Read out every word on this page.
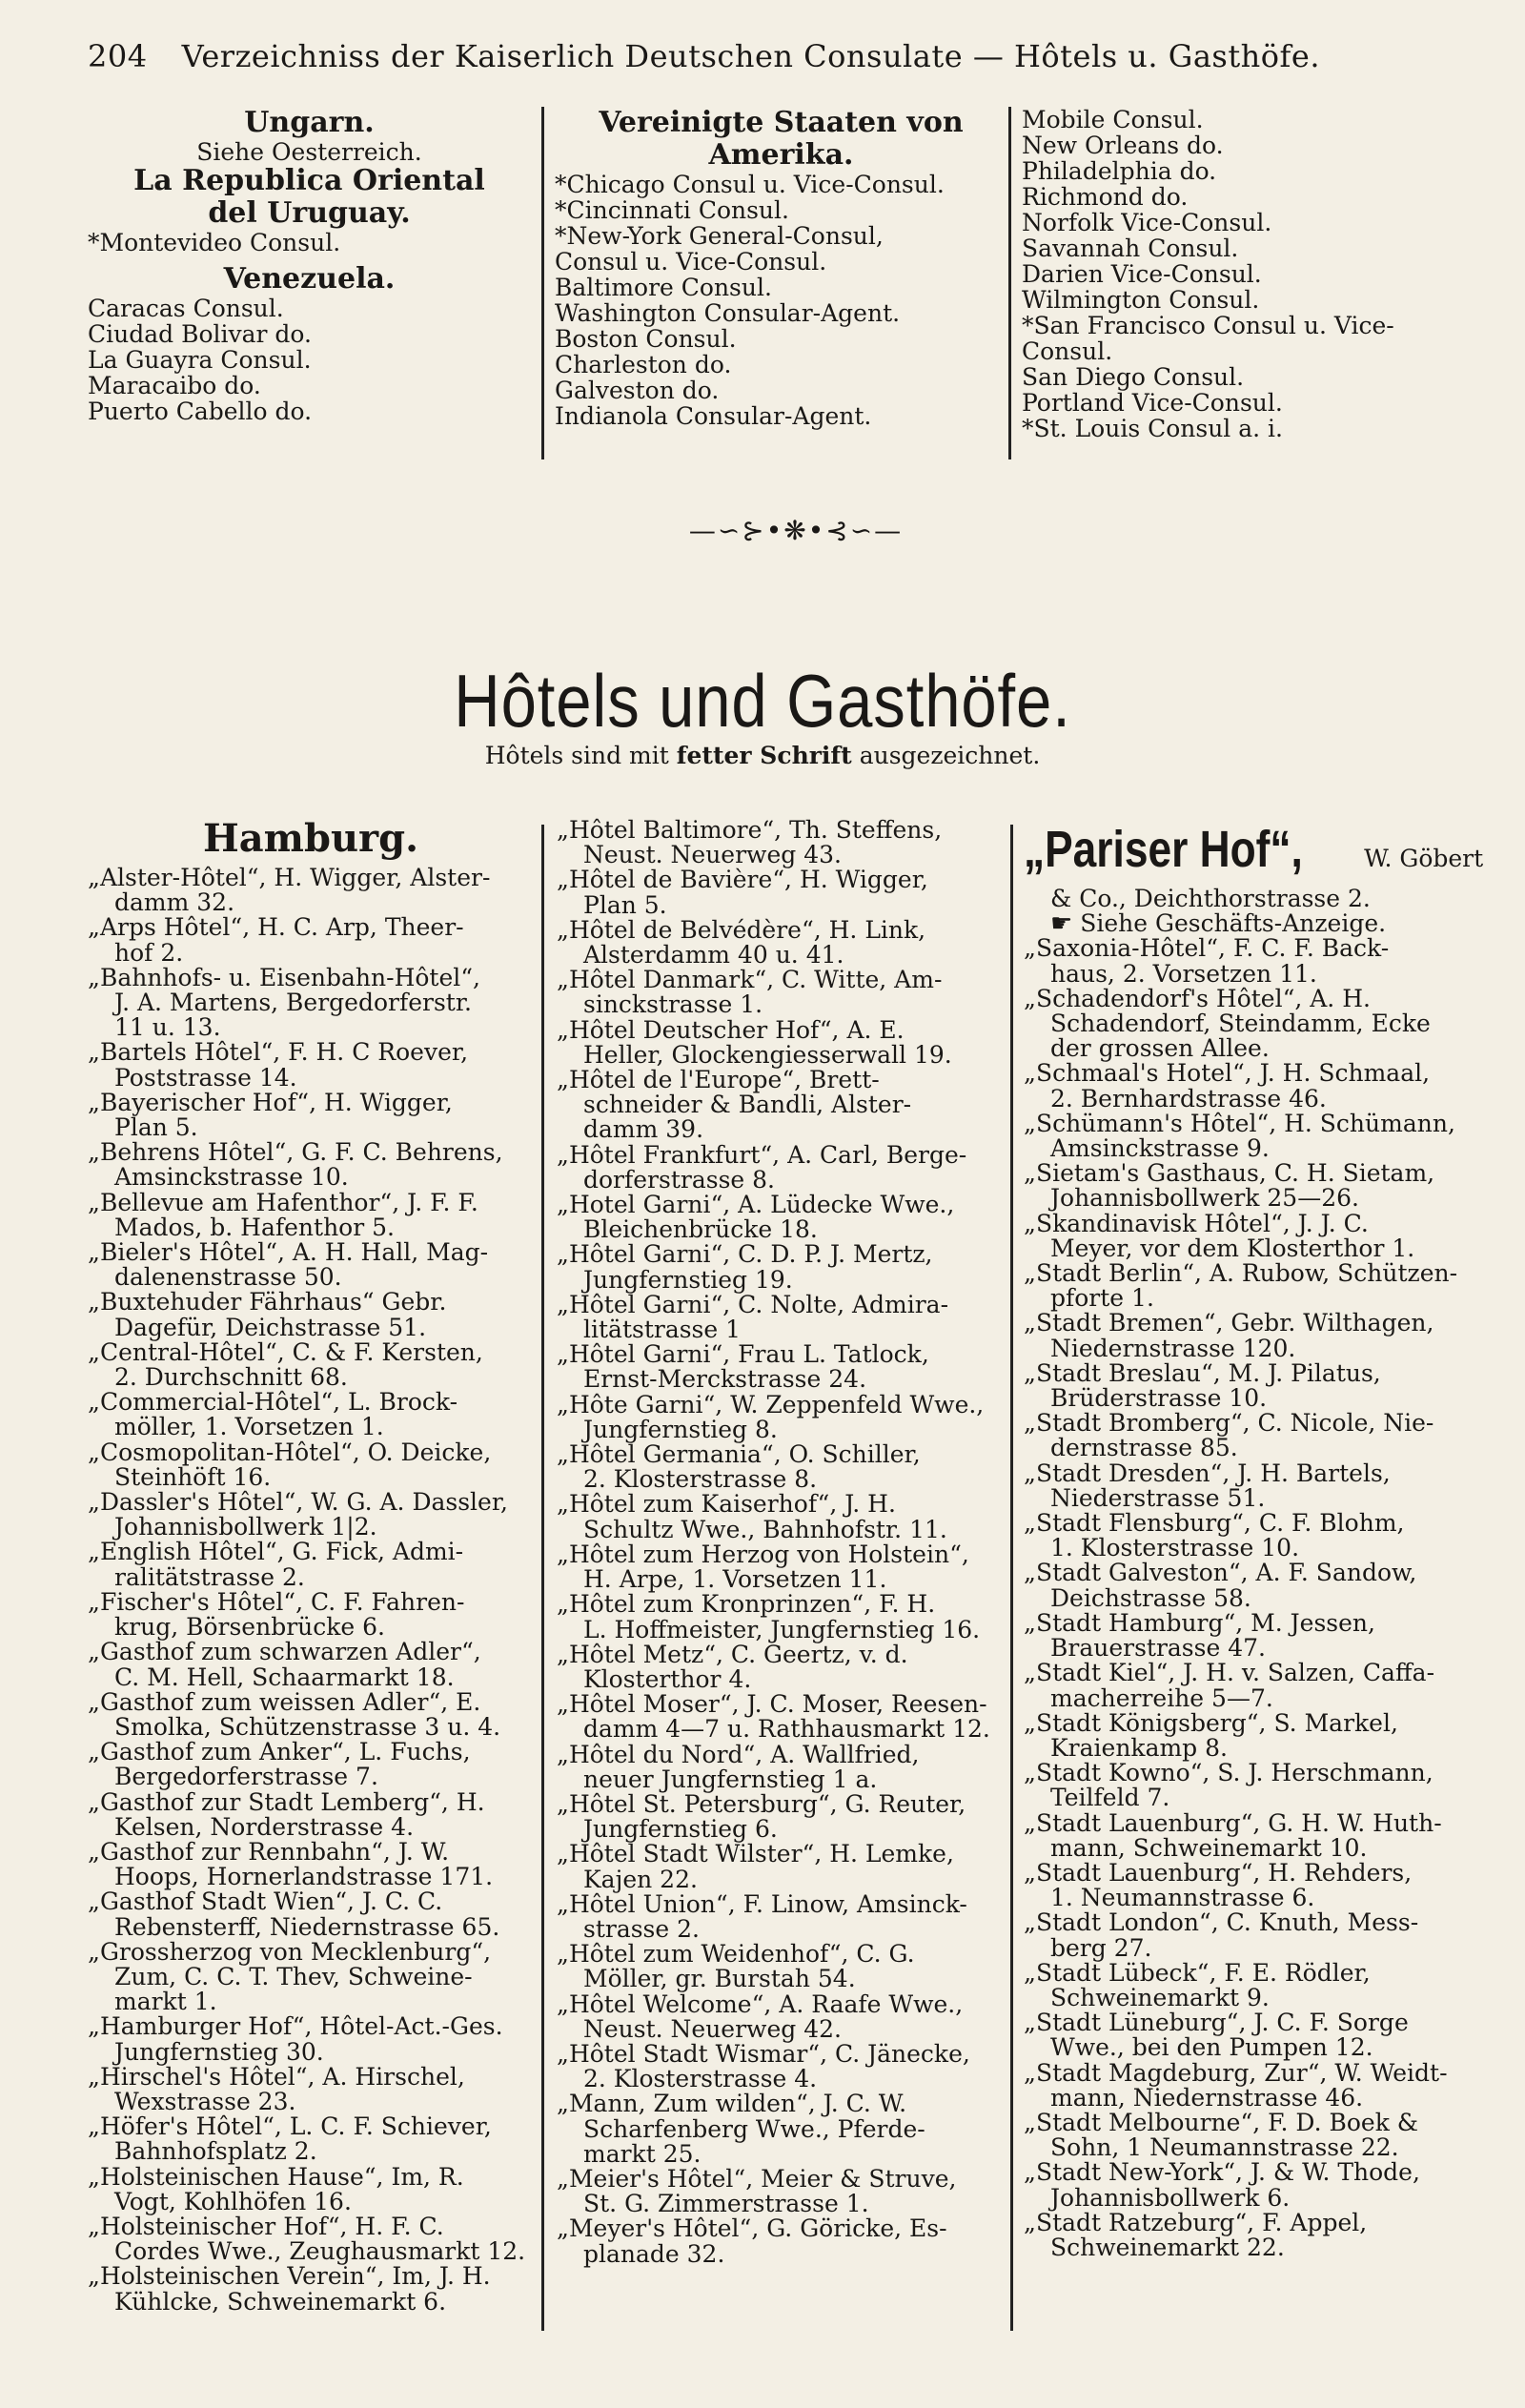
204 Verzeichniss der Kaiserlich Deutschen Consulate — Hôtels u. Gasthöfe.
Ungarn.
Siehe Oesterreich.
La Republica Oriental
del Uruguay.
*Montevideo Consul.
Venezuela.
Caracas Consul.
Ciudad Bolivar do.
La Guayra Consul.
Maracaibo do.
Puerto Cabello do.
Vereinigte Staaten von
Amerika.
*Chicago Consul u. Vice-Consul.
*Cincinnati Consul.
*New-York General-Consul,
Consul u. Vice-Consul.
Baltimore Consul.
Washington Consular-Agent.
Boston Consul.
Charleston do.
Galveston do.
Indianola Consular-Agent.
Mobile Consul.
New Orleans do.
Philadelphia do.
Richmond do.
Norfolk Vice-Consul.
Savannah Consul.
Darien Vice-Consul.
Wilmington Consul.
*San Francisco Consul u. Vice-
Consul.
San Diego Consul.
Portland Vice-Consul.
*St. Louis Consul a. i.
—∽⊱•❋•⊰∽—
Hôtels und Gasthöfe.
Hôtels sind mit fetter Schrift ausgezeichnet.
Hamburg.
„Alster-Hôtel“, H. Wigger, Alster-
damm 32.
„Arps Hôtel“, H. C. Arp, Theer-
hof 2.
„Bahnhofs- u. Eisenbahn-Hôtel“,
J. A. Martens, Bergedorferstr.
11 u. 13.
„Bartels Hôtel“, F. H. C Roever,
Poststrasse 14.
„Bayerischer Hof“, H. Wigger,
Plan 5.
„Behrens Hôtel“, G. F. C. Behrens,
Amsinckstrasse 10.
„Bellevue am Hafenthor“, J. F. F.
Mados, b. Hafenthor 5.
„Bieler's Hôtel“, A. H. Hall, Mag-
dalenenstrasse 50.
„Buxtehuder Fährhaus“ Gebr.
Dagefür, Deichstrasse 51.
„Central-Hôtel“, C. & F. Kersten,
2. Durchschnitt 68.
„Commercial-Hôtel“, L. Brock-
möller, 1. Vorsetzen 1.
„Cosmopolitan-Hôtel“, O. Deicke,
Steinhöft 16.
„Dassler's Hôtel“, W. G. A. Dassler,
Johannisbollwerk 1|2.
„English Hôtel“, G. Fick, Admi-
ralitätstrasse 2.
„Fischer's Hôtel“, C. F. Fahren-
krug, Börsenbrücke 6.
„Gasthof zum schwarzen Adler“,
C. M. Hell, Schaarmarkt 18.
„Gasthof zum weissen Adler“, E.
Smolka, Schützenstrasse 3 u. 4.
„Gasthof zum Anker“, L. Fuchs,
Bergedorferstrasse 7.
„Gasthof zur Stadt Lemberg“, H.
Kelsen, Norderstrasse 4.
„Gasthof zur Rennbahn“, J. W.
Hoops, Hornerlandstrasse 171.
„Gasthof Stadt Wien“, J. C. C.
Rebensterff, Niedernstrasse 65.
„Grossherzog von Mecklenburg“,
Zum, C. C. T. Thev, Schweine-
markt 1.
„Hamburger Hof“, Hôtel-Act.-Ges.
Jungfernstieg 30.
„Hirschel's Hôtel“, A. Hirschel,
Wexstrasse 23.
„Höfer's Hôtel“, L. C. F. Schiever,
Bahnhofsplatz 2.
„Holsteinischen Hause“, Im, R.
Vogt, Kohlhöfen 16.
„Holsteinischer Hof“, H. F. C.
Cordes Wwe., Zeughausmarkt 12.
„Holsteinischen Verein“, Im, J. H.
Kühlcke, Schweinemarkt 6.
„Hôtel Baltimore“, Th. Steffens,
Neust. Neuerweg 43.
„Hôtel de Bavière“, H. Wigger,
Plan 5.
„Hôtel de Belvédère“, H. Link,
Alsterdamm 40 u. 41.
„Hôtel Danmark“, C. Witte, Am-
sinckstrasse 1.
„Hôtel Deutscher Hof“, A. E.
Heller, Glockengiesserwall 19.
„Hôtel de l'Europe“, Brett-
schneider & Bandli, Alster-
damm 39.
„Hôtel Frankfurt“, A. Carl, Berge-
dorferstrasse 8.
„Hotel Garni“, A. Lüdecke Wwe.,
Bleichenbrücke 18.
„Hôtel Garni“, C. D. P. J. Mertz,
Jungfernstieg 19.
„Hôtel Garni“, C. Nolte, Admira-
litätstrasse 1
„Hôtel Garni“, Frau L. Tatlock,
Ernst-Merckstrasse 24.
„Hôte Garni“, W. Zeppenfeld Wwe.,
Jungfernstieg 8.
„Hôtel Germania“, O. Schiller,
2. Klosterstrasse 8.
„Hôtel zum Kaiserhof“, J. H.
Schultz Wwe., Bahnhofstr. 11.
„Hôtel zum Herzog von Holstein“,
H. Arpe, 1. Vorsetzen 11.
„Hôtel zum Kronprinzen“, F. H.
L. Hoffmeister, Jungfernstieg 16.
„Hôtel Metz“, C. Geertz, v. d.
Klosterthor 4.
„Hôtel Moser“, J. C. Moser, Reesen-
damm 4—7 u. Rathhausmarkt 12.
„Hôtel du Nord“, A. Wallfried,
neuer Jungfernstieg 1 a.
„Hôtel St. Petersburg“, G. Reuter,
Jungfernstieg 6.
„Hôtel Stadt Wilster“, H. Lemke,
Kajen 22.
„Hôtel Union“, F. Linow, Amsinck-
strasse 2.
„Hôtel zum Weidenhof“, C. G.
Möller, gr. Burstah 54.
„Hôtel Welcome“, A. Raafe Wwe.,
Neust. Neuerweg 42.
„Hôtel Stadt Wismar“, C. Jänecke,
2. Klosterstrasse 4.
„Mann, Zum wilden“, J. C. W.
Scharfenberg Wwe., Pferde-
markt 25.
„Meier's Hôtel“, Meier & Struve,
St. G. Zimmerstrasse 1.
„Meyer's Hôtel“, G. Göricke, Es-
planade 32.
„Pariser Hof“,	W. Göbert
& Co., Deichthorstrasse 2.
☛ Siehe Geschäfts-Anzeige.
„Saxonia-Hôtel“, F. C. F. Back-
haus, 2. Vorsetzen 11.
„Schadendorf's Hôtel“, A. H.
Schadendorf, Steindamm, Ecke
der grossen Allee.
„Schmaal's Hotel“, J. H. Schmaal,
2. Bernhardstrasse 46.
„Schümann's Hôtel“, H. Schümann,
Amsinckstrasse 9.
„Sietam's Gasthaus, C. H. Sietam,
Johannisbollwerk 25—26.
„Skandinavisk Hôtel“, J. J. C.
Meyer, vor dem Klosterthor 1.
„Stadt Berlin“, A. Rubow, Schützen-
pforte 1.
„Stadt Bremen“, Gebr. Wilthagen,
Niedernstrasse 120.
„Stadt Breslau“, M. J. Pilatus,
Brüderstrasse 10.
„Stadt Bromberg“, C. Nicole, Nie-
dernstrasse 85.
„Stadt Dresden“, J. H. Bartels,
Niederstrasse 51.
„Stadt Flensburg“, C. F. Blohm,
1. Klosterstrasse 10.
„Stadt Galveston“, A. F. Sandow,
Deichstrasse 58.
„Stadt Hamburg“, M. Jessen,
Brauerstrasse 47.
„Stadt Kiel“, J. H. v. Salzen, Caffa-
macherreihe 5—7.
„Stadt Königsberg“, S. Markel,
Kraienkamp 8.
„Stadt Kowno“, S. J. Herschmann,
Teilfeld 7.
„Stadt Lauenburg“, G. H. W. Huth-
mann, Schweinemarkt 10.
„Stadt Lauenburg“, H. Rehders,
1. Neumannstrasse 6.
„Stadt London“, C. Knuth, Mess-
berg 27.
„Stadt Lübeck“, F. E. Rödler,
Schweinemarkt 9.
„Stadt Lüneburg“, J. C. F. Sorge
Wwe., bei den Pumpen 12.
„Stadt Magdeburg, Zur“, W. Weidt-
mann, Niedernstrasse 46.
„Stadt Melbourne“, F. D. Boek &
Sohn, 1 Neumannstrasse 22.
„Stadt New-York“, J. & W. Thode,
Johannisbollwerk 6.
„Stadt Ratzeburg“, F. Appel,
Schweinemarkt 22.
